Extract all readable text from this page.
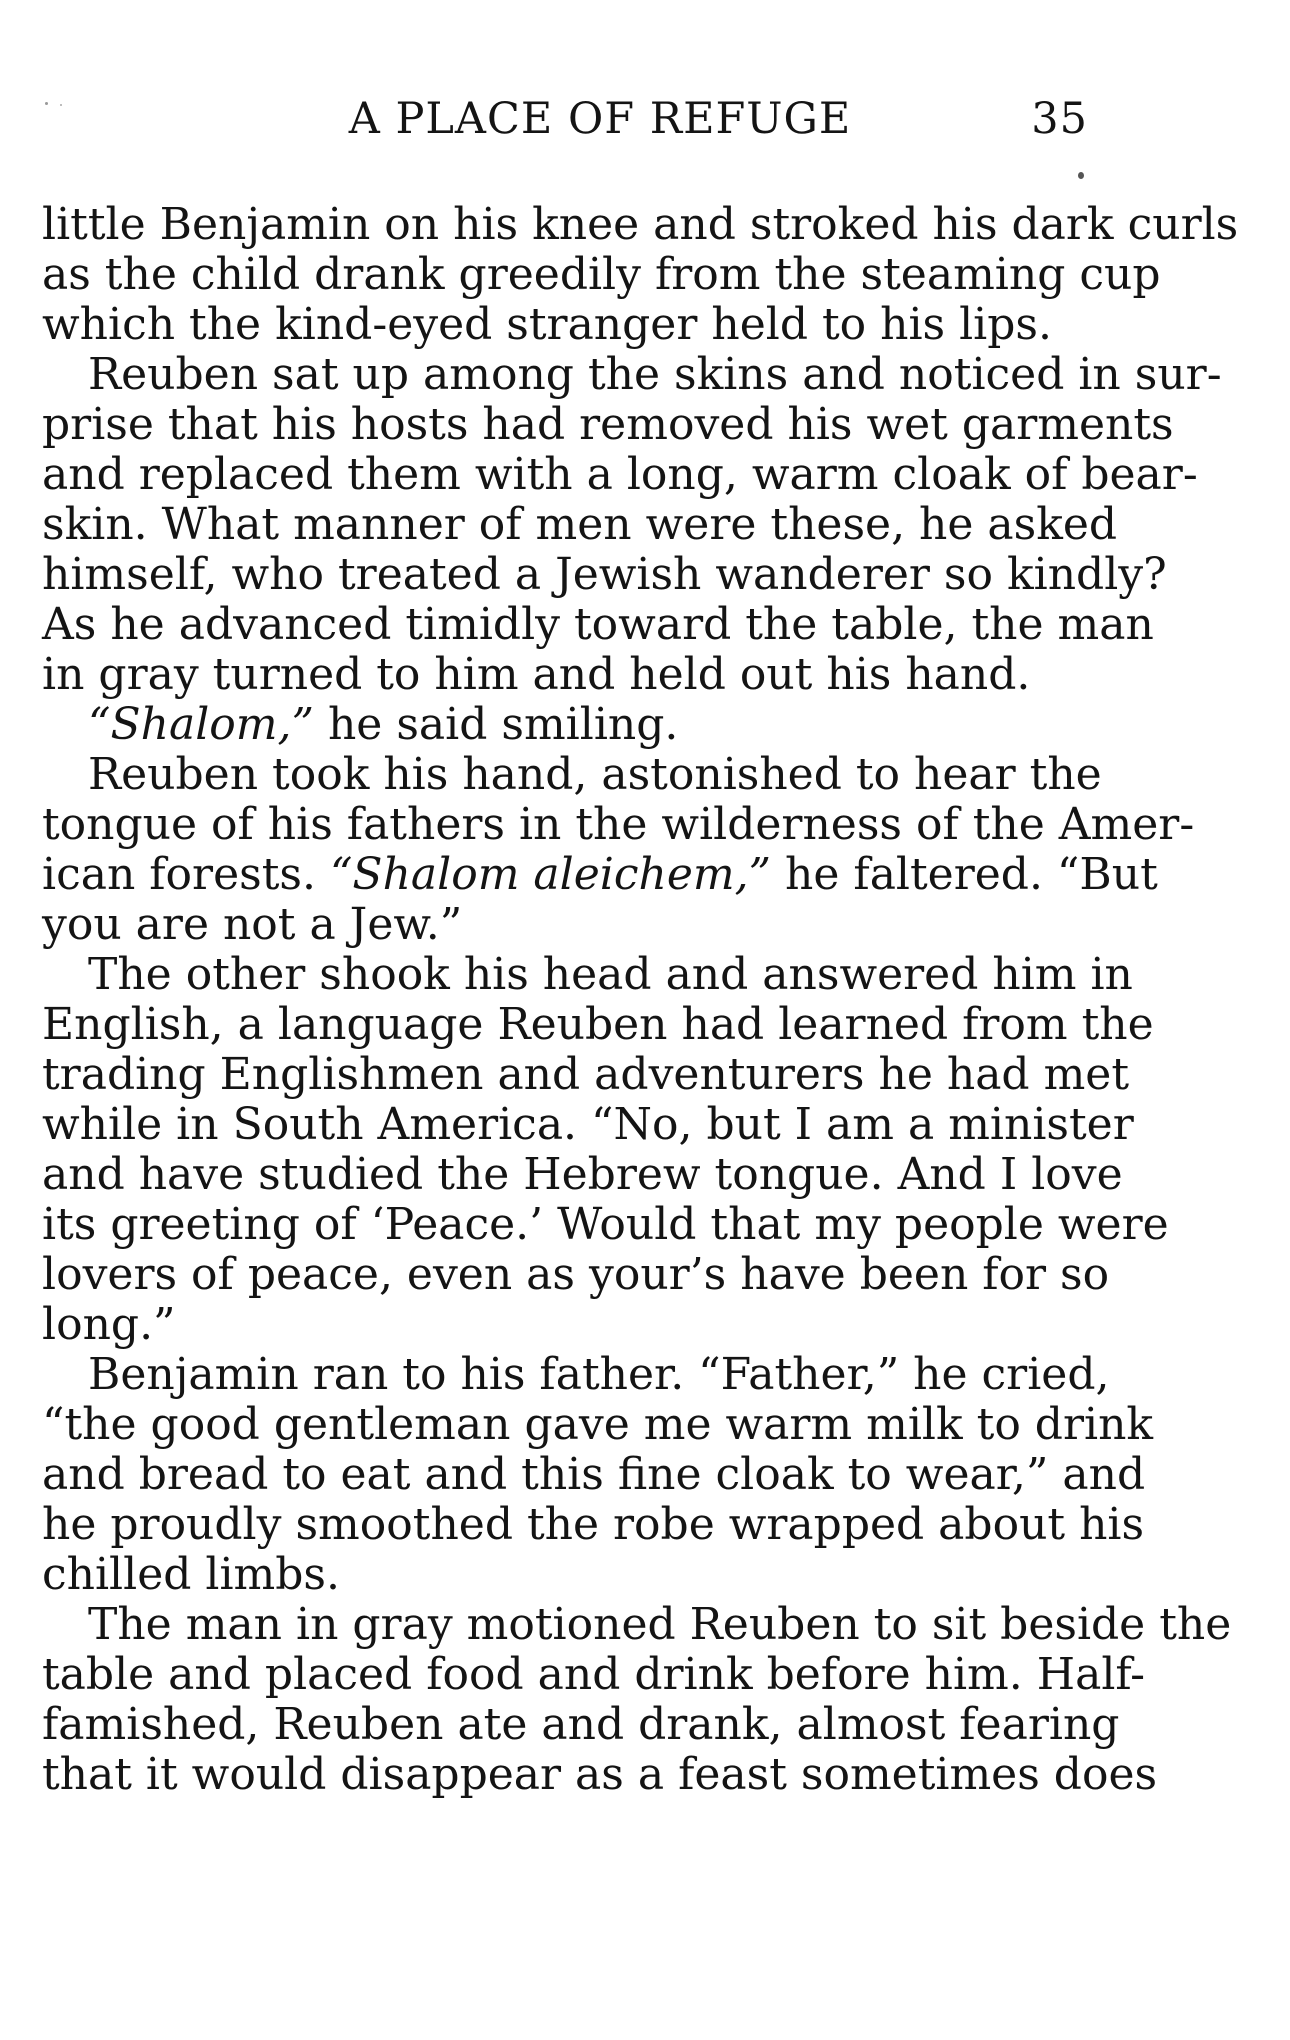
A PLACE OF REFUGE	35
little Benjamin on his knee and stroked his dark curls
as the child drank greedily from the steaming cup
which the kind-eyed stranger held to his lips.
Reuben sat up among the skins and noticed in sur-
prise that his hosts had removed his wet garments
and replaced them with a long, warm cloak of bear-
skin. What manner of men were these, he asked
himself, who treated a Jewish wanderer so kindly?
As he advanced timidly toward the table, the man
in gray turned to him and held out his hand.
“Shalom,” he said smiling.
Reuben took his hand, astonished to hear the
tongue of his fathers in the wilderness of the Amer-
ican forests. “Shalom aleichem,” he faltered. “But
you are not a Jew.”
The other shook his head and answered him in
English, a language Reuben had learned from the
trading Englishmen and adventurers he had met
while in South America. “No, but I am a minister
and have studied the Hebrew tongue. And I love
its greeting of ‘Peace.’ Would that my people were
lovers of peace, even as your’s have been for so
long.”
Benjamin ran to his father. “Father,” he cried,
“the good gentleman gave me warm milk to drink
and bread to eat and this fine cloak to wear,” and
he proudly smoothed the robe wrapped about his
chilled limbs.
The man in gray motioned Reuben to sit beside the
table and placed food and drink before him. Half-
famished, Reuben ate and drank, almost fearing
that it would disappear as a feast sometimes does
